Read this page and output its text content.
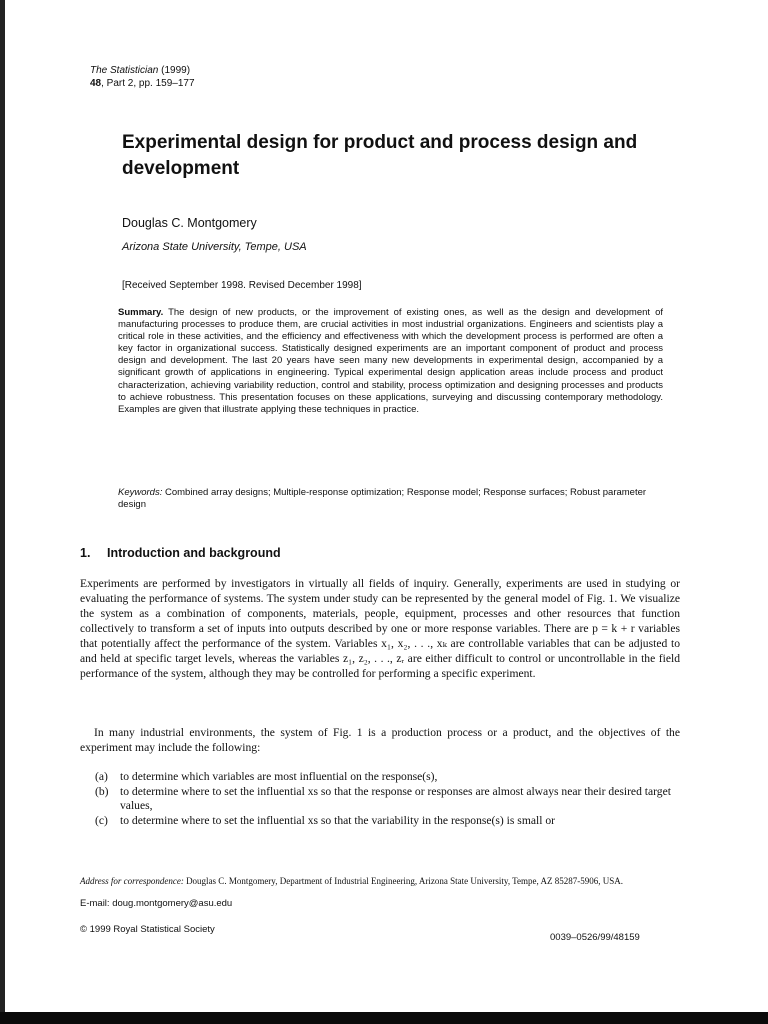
The Statistician (1999)
48, Part 2, pp. 159–177
Experimental design for product and process design and development
Douglas C. Montgomery
Arizona State University, Tempe, USA
[Received September 1998. Revised December 1998]

Summary. The design of new products, or the improvement of existing ones, as well as the design and development of manufacturing processes to produce them, are crucial activities in most industrial organizations. Engineers and scientists play a critical role in these activities, and the efficiency and effectiveness with which the development process is performed are often a key factor in organizational success. Statistically designed experiments are an important component of product and process design and development. The last 20 years have seen many new developments in experimental design, accompanied by a significant growth of applications in engineering. Typical experimental design application areas include process and product characterization, achieving variability reduction, control and stability, process optimization and designing processes and products to achieve robustness. This presentation focuses on these applications, surveying and discussing contemporary methodology. Examples are given that illustrate applying these techniques in practice.

Keywords: Combined array designs; Multiple-response optimization; Response model; Response surfaces; Robust parameter design

1. Introduction and background

Experiments are performed by investigators in virtually all fields of inquiry. Generally, experiments are used in studying or evaluating the performance of systems. The system under study can be represented by the general model of Fig. 1. We visualize the system as a combination of components, materials, people, equipment, processes and other resources that function collectively to transform a set of inputs into outputs described by one or more response variables. There are p = k + r variables that potentially affect the performance of the system. Variables x₁, x₂, . . ., xₖ are controllable variables that can be adjusted to and held at specific target levels, whereas the variables z₁, z₂, . . ., zᵣ are either difficult to control or uncontrollable in the field performance of the system, although they may be controlled for performing a specific experiment.

In many industrial environments, the system of Fig. 1 is a production process or a product, and the objectives of the experiment may include the following:

(a)	to determine which variables are most influential on the response(s),
(b) to determine where to set the influential xs so that the response or responses are almost always near their desired target values,
(c)	to determine where to set the influential xs so that the variability in the response(s) is small or
Address for correspondence: Douglas C. Montgomery, Department of Industrial Engineering, Arizona State University, Tempe, AZ 85287-5906, USA.
E-mail: doug.montgomery@asu.edu
© 1999 Royal Statistical Society
0039–0526/99/48159
